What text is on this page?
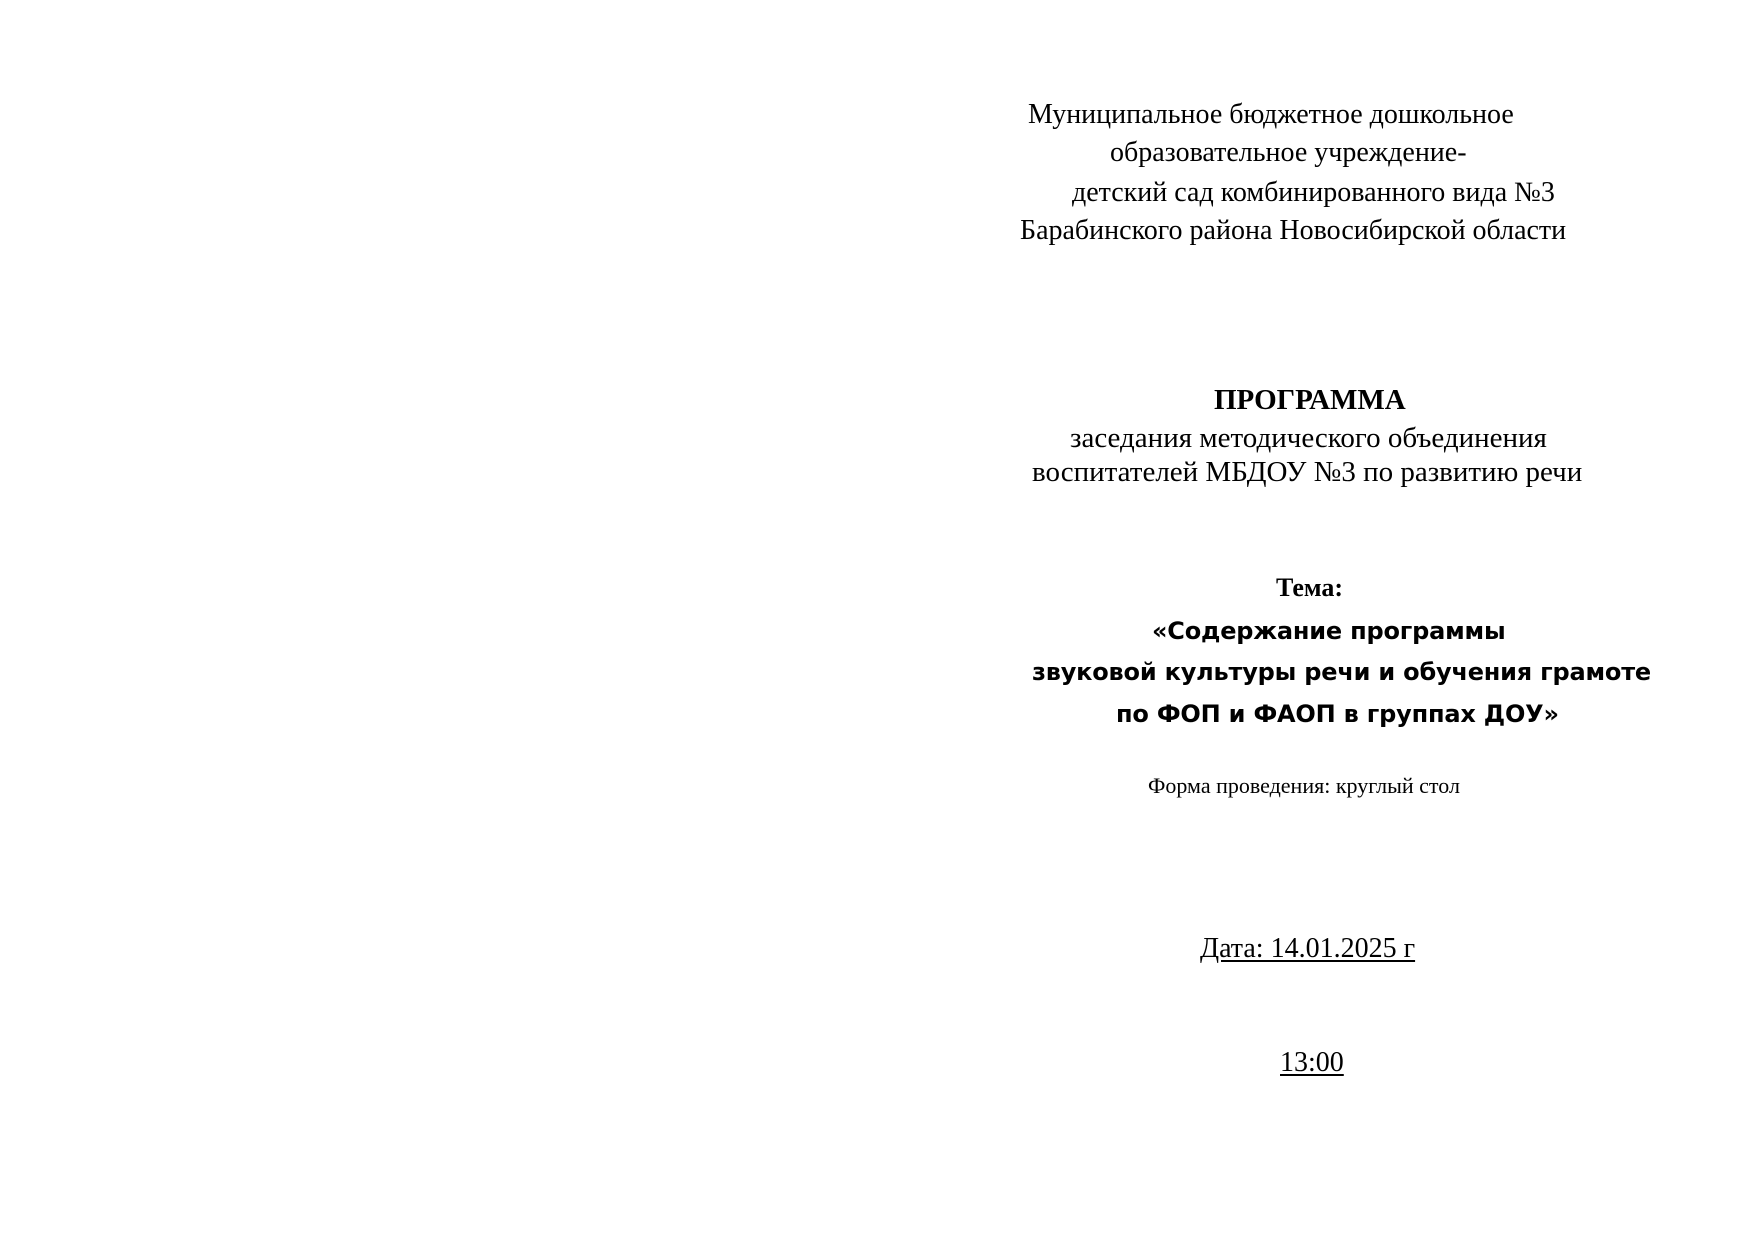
Муниципальное бюджетное дошкольное
образовательное учреждение-
детский сад комбинированного вида №3
Барабинского района Новосибирской области
ПРОГРАММА
заседания методического объединения
воспитателей МБДОУ №3 по развитию речи
Тема:
«Содержание программы
звуковой культуры речи и обучения грамоте
по ФОП и ФАОП в группах ДОУ»
Форма проведения: круглый стол
Дата: 14.01.2025 г
13:00
